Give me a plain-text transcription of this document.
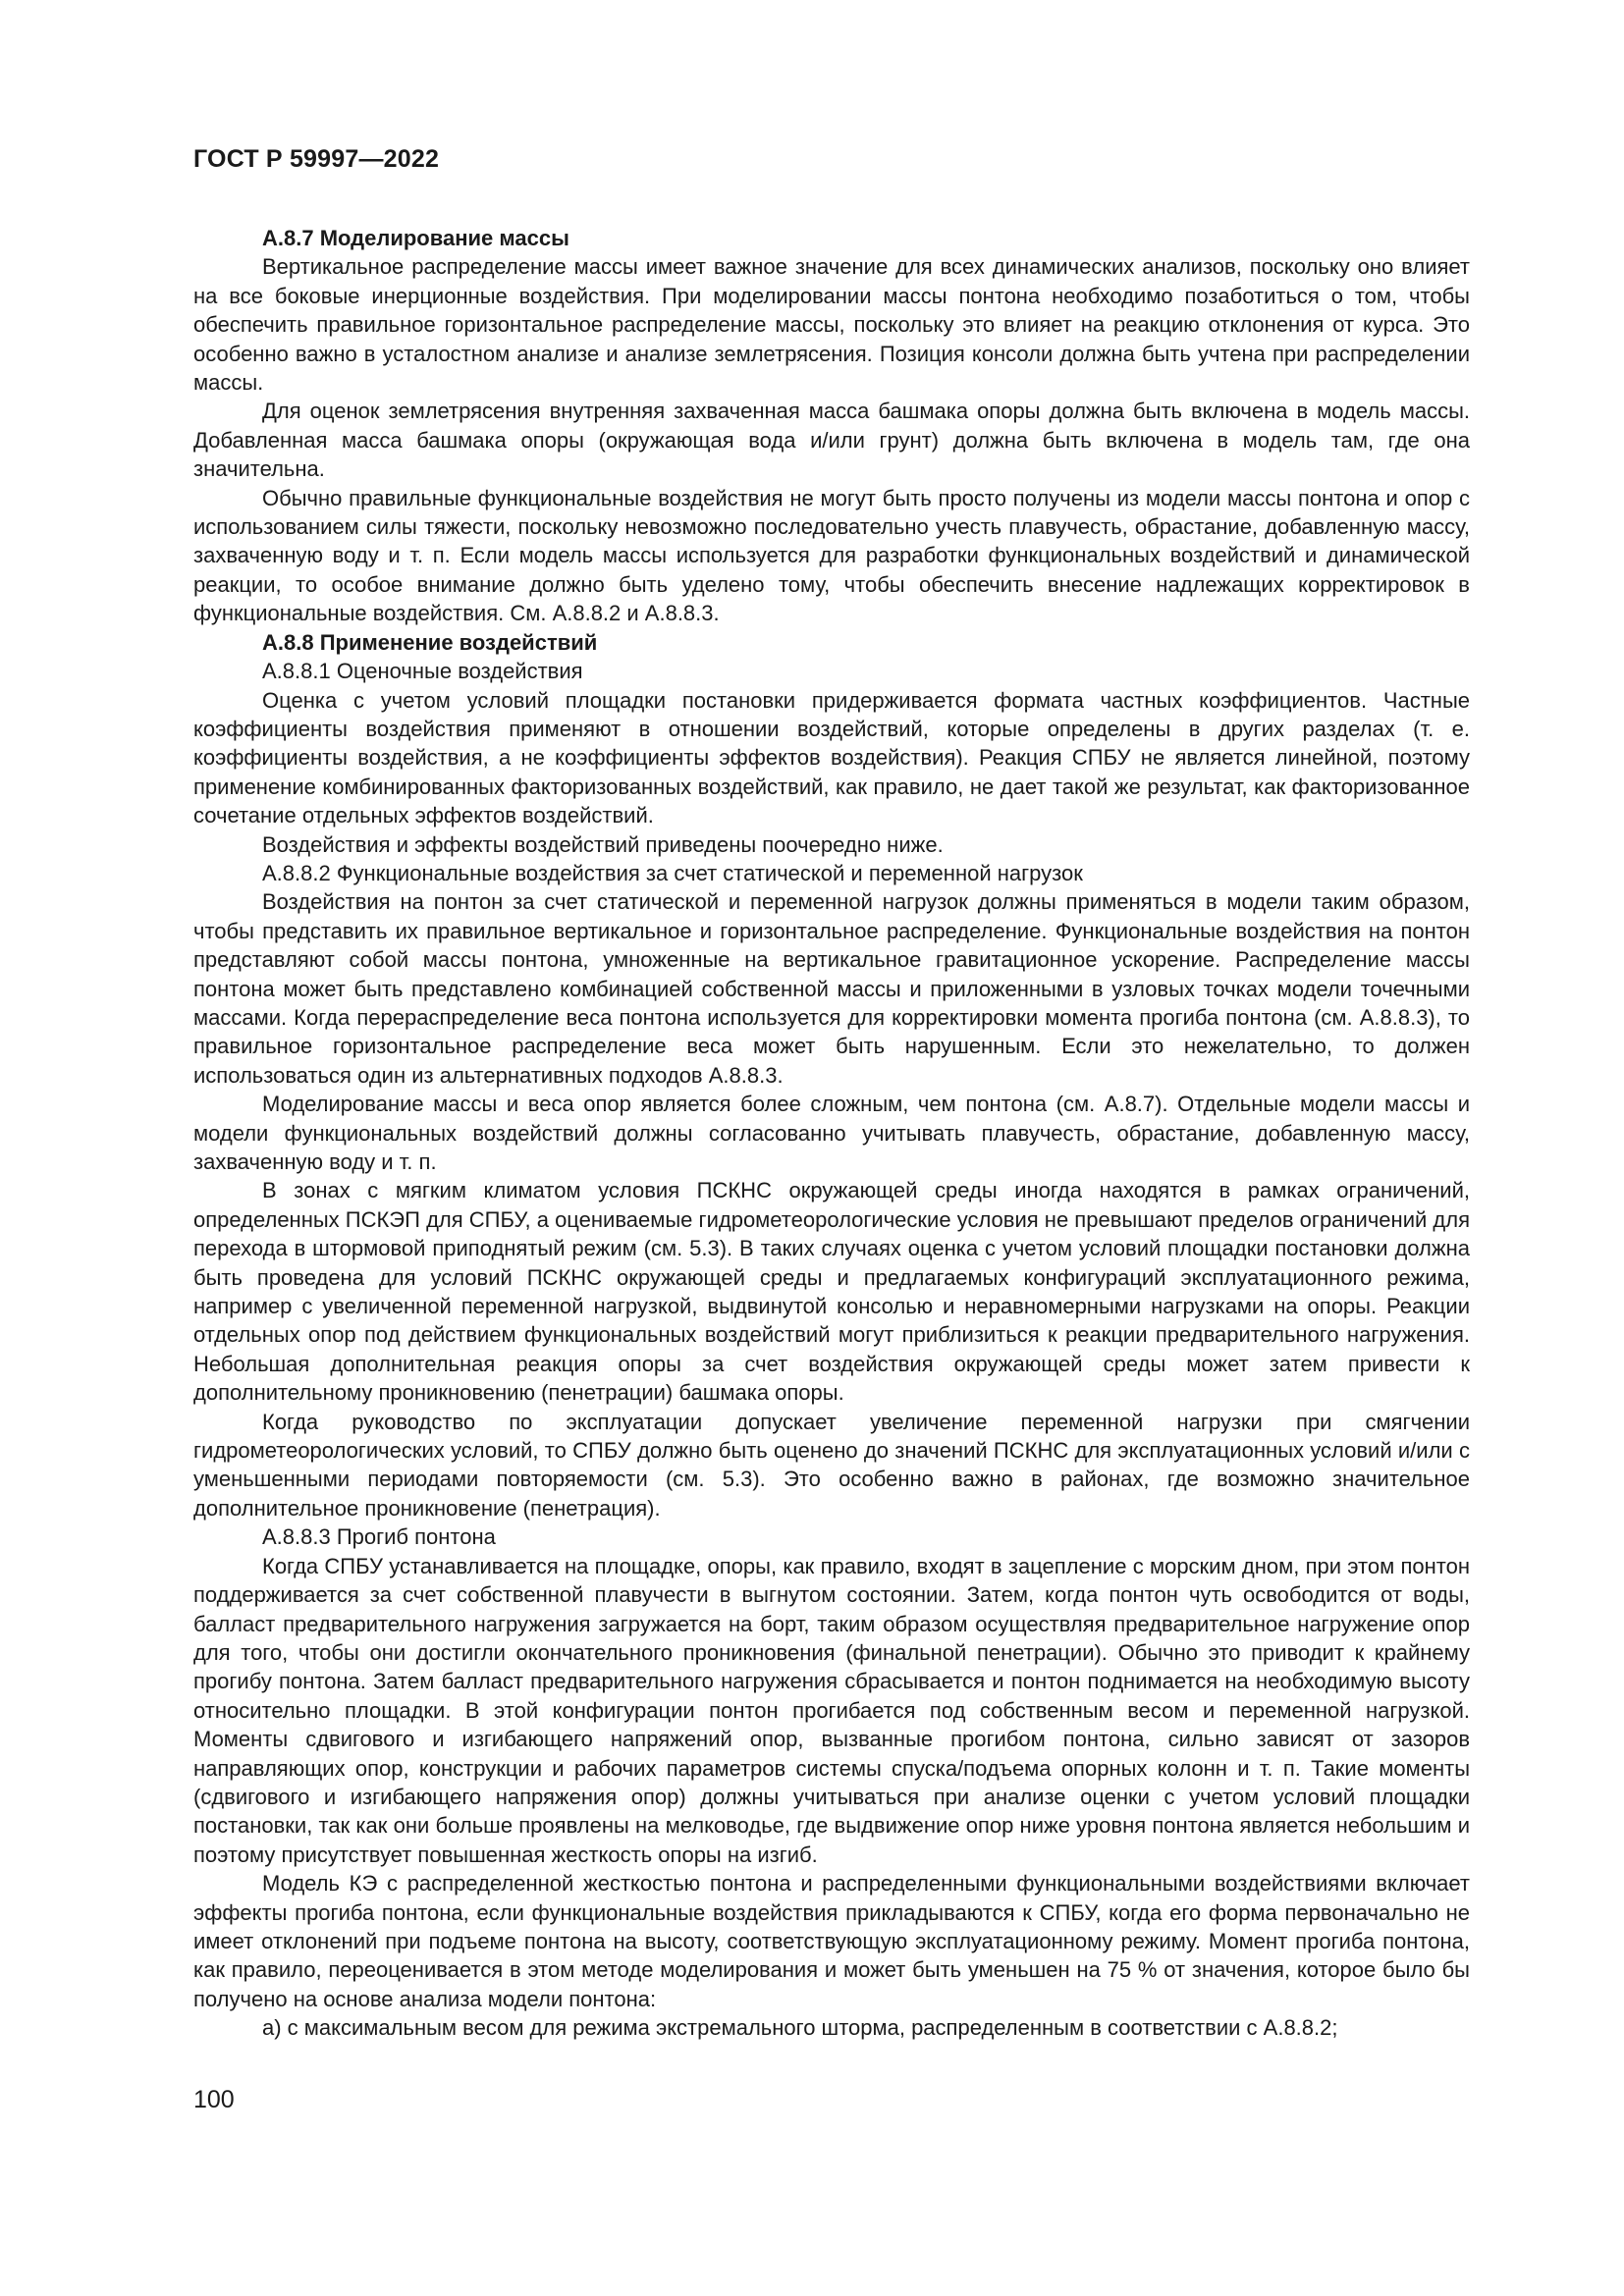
ГОСТ Р 59997—2022

А.8.7 Моделирование массы

Вертикальное распределение массы имеет важное значение для всех динамических анализов, поскольку оно влияет на все боковые инерционные воздействия. При моделировании массы понтона необходимо позаботиться о том, чтобы обеспечить правильное горизонтальное распределение массы, поскольку это влияет на реакцию отклонения от курса. Это особенно важно в усталостном анализе и анализе землетрясения. Позиция консоли должна быть учтена при распределении массы.

Для оценок землетрясения внутренняя захваченная масса башмака опоры должна быть включена в модель массы. Добавленная масса башмака опоры (окружающая вода и/или грунт) должна быть включена в модель там, где она значительна.

Обычно правильные функциональные воздействия не могут быть просто получены из модели массы понтона и опор с использованием силы тяжести, поскольку невозможно последовательно учесть плавучесть, обрастание, добавленную массу, захваченную воду и т. п. Если модель массы используется для разработки функциональных воздействий и динамической реакции, то особое внимание должно быть уделено тому, чтобы обеспечить внесение надлежащих корректировок в функциональные воздействия. См. А.8.8.2 и А.8.8.3.

А.8.8 Применение воздействий

А.8.8.1 Оценочные воздействия

Оценка с учетом условий площадки постановки придерживается формата частных коэффициентов. Частные коэффициенты воздействия применяют в отношении воздействий, которые определены в других разделах (т. е. коэффициенты воздействия, а не коэффициенты эффектов воздействия). Реакция СПБУ не является линейной, поэтому применение комбинированных факторизованных воздействий, как правило, не дает такой же результат, как факторизованное сочетание отдельных эффектов воздействий.

Воздействия и эффекты воздействий приведены поочередно ниже.

А.8.8.2 Функциональные воздействия за счет статической и переменной нагрузок

Воздействия на понтон за счет статической и переменной нагрузок должны применяться в модели таким образом, чтобы представить их правильное вертикальное и горизонтальное распределение. Функциональные воздействия на понтон представляют собой массы понтона, умноженные на вертикальное гравитационное ускорение. Распределение массы понтона может быть представлено комбинацией собственной массы и приложенными в узловых точках модели точечными массами. Когда перераспределение веса понтона используется для корректировки момента прогиба понтона (см. А.8.8.3), то правильное горизонтальное распределение веса может быть нарушенным. Если это нежелательно, то должен использоваться один из альтернативных подходов А.8.8.3.

Моделирование массы и веса опор является более сложным, чем понтона (см. А.8.7). Отдельные модели массы и модели функциональных воздействий должны согласованно учитывать плавучесть, обрастание, добавленную массу, захваченную воду и т. п.

В зонах с мягким климатом условия ПСКНС окружающей среды иногда находятся в рамках ограничений, определенных ПСКЭП для СПБУ, а оцениваемые гидрометеорологические условия не превышают пределов ограничений для перехода в штормовой приподнятый режим (см. 5.3). В таких случаях оценка с учетом условий площадки постановки должна быть проведена для условий ПСКНС окружающей среды и предлагаемых конфигураций эксплуатационного режима, например с увеличенной переменной нагрузкой, выдвинутой консолью и неравномерными нагрузками на опоры. Реакции отдельных опор под действием функциональных воздействий могут приблизиться к реакции предварительного нагружения. Небольшая дополнительная реакция опоры за счет воздействия окружающей среды может затем привести к дополнительному проникновению (пенетрации) башмака опоры.

Когда руководство по эксплуатации допускает увеличение переменной нагрузки при смягчении гидрометеорологических условий, то СПБУ должно быть оценено до значений ПСКНС для эксплуатационных условий и/или с уменьшенными периодами повторяемости (см. 5.3). Это особенно важно в районах, где возможно значительное дополнительное проникновение (пенетрация).

А.8.8.3 Прогиб понтона

Когда СПБУ устанавливается на площадке, опоры, как правило, входят в зацепление с морским дном, при этом понтон поддерживается за счет собственной плавучести в выгнутом состоянии. Затем, когда понтон чуть освободится от воды, балласт предварительного нагружения загружается на борт, таким образом осуществляя предварительное нагружение опор для того, чтобы они достигли окончательного проникновения (финальной пенетрации). Обычно это приводит к крайнему прогибу понтона. Затем балласт предварительного нагружения сбрасывается и понтон поднимается на необходимую высоту относительно площадки. В этой конфигурации понтон прогибается под собственным весом и переменной нагрузкой. Моменты сдвигового и изгибающего напряжений опор, вызванные прогибом понтона, сильно зависят от зазоров направляющих опор, конструкции и рабочих параметров системы спуска/подъема опорных колонн и т. п. Такие моменты (сдвигового и изгибающего напряжения опор) должны учитываться при анализе оценки с учетом условий площадки постановки, так как они больше проявлены на мелководье, где выдвижение опор ниже уровня понтона является небольшим и поэтому присутствует повышенная жесткость опоры на изгиб.

Модель КЭ с распределенной жесткостью понтона и распределенными функциональными воздействиями включает эффекты прогиба понтона, если функциональные воздействия прикладываются к СПБУ, когда его форма первоначально не имеет отклонений при подъеме понтона на высоту, соответствующую эксплуатационному режиму. Момент прогиба понтона, как правило, переоценивается в этом методе моделирования и может быть уменьшен на 75 % от значения, которое было бы получено на основе анализа модели понтона:

а) с максимальным весом для режима экстремального шторма, распределенным в соответствии с А.8.8.2;

100
